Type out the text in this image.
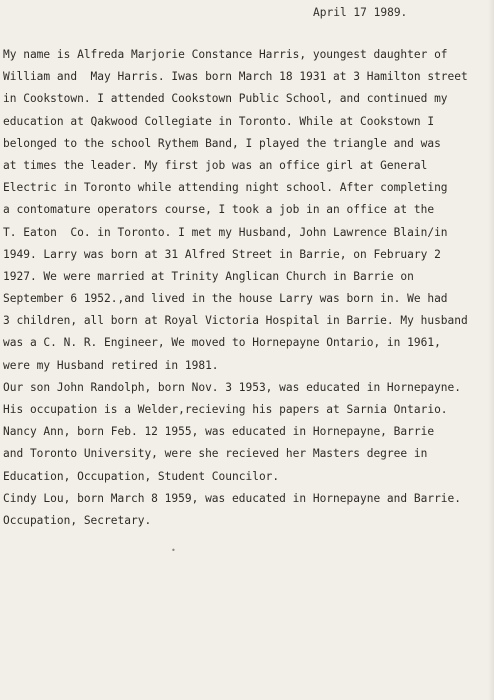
April 17 1989.

My name is Alfreda Marjorie Constance Harris, youngest daughter of
William and  May Harris. Iwas born March 18 1931 at 3 Hamilton street
in Cookstown. I attended Cookstown Public School, and continued my
education at Qakwood Collegiate in Toronto. While at Cookstown I
belonged to the school Rythem Band, I played the triangle and was
at times the leader. My first job was an office girl at General
Electric in Toronto while attending night school. After completing
a contomature operators course, I took a job in an office at the
T. Eaton  Co. in Toronto. I met my Husband, John Lawrence Blain/in
1949. Larry was born at 31 Alfred Street in Barrie, on February 2
1927. We were married at Trinity Anglican Church in Barrie on
September 6 1952.,and lived in the house Larry was born in. We had
3 children, all born at Royal Victoria Hospital in Barrie. My husband
was a C. N. R. Engineer, We moved to Hornepayne Ontario, in 1961,
were my Husband retired in 1981.
Our son John Randolph, born Nov. 3 1953, was educated in Hornepayne.
His occupation is a Welder,recieving his papers at Sarnia Ontario.
Nancy Ann, born Feb. 12 1955, was educated in Hornepayne, Barrie
and Toronto University, were she recieved her Masters degree in
Education, Occupation, Student Councilor.
Cindy Lou, born March 8 1959, was educated in Hornepayne and Barrie.
Occupation, Secretary.
•
